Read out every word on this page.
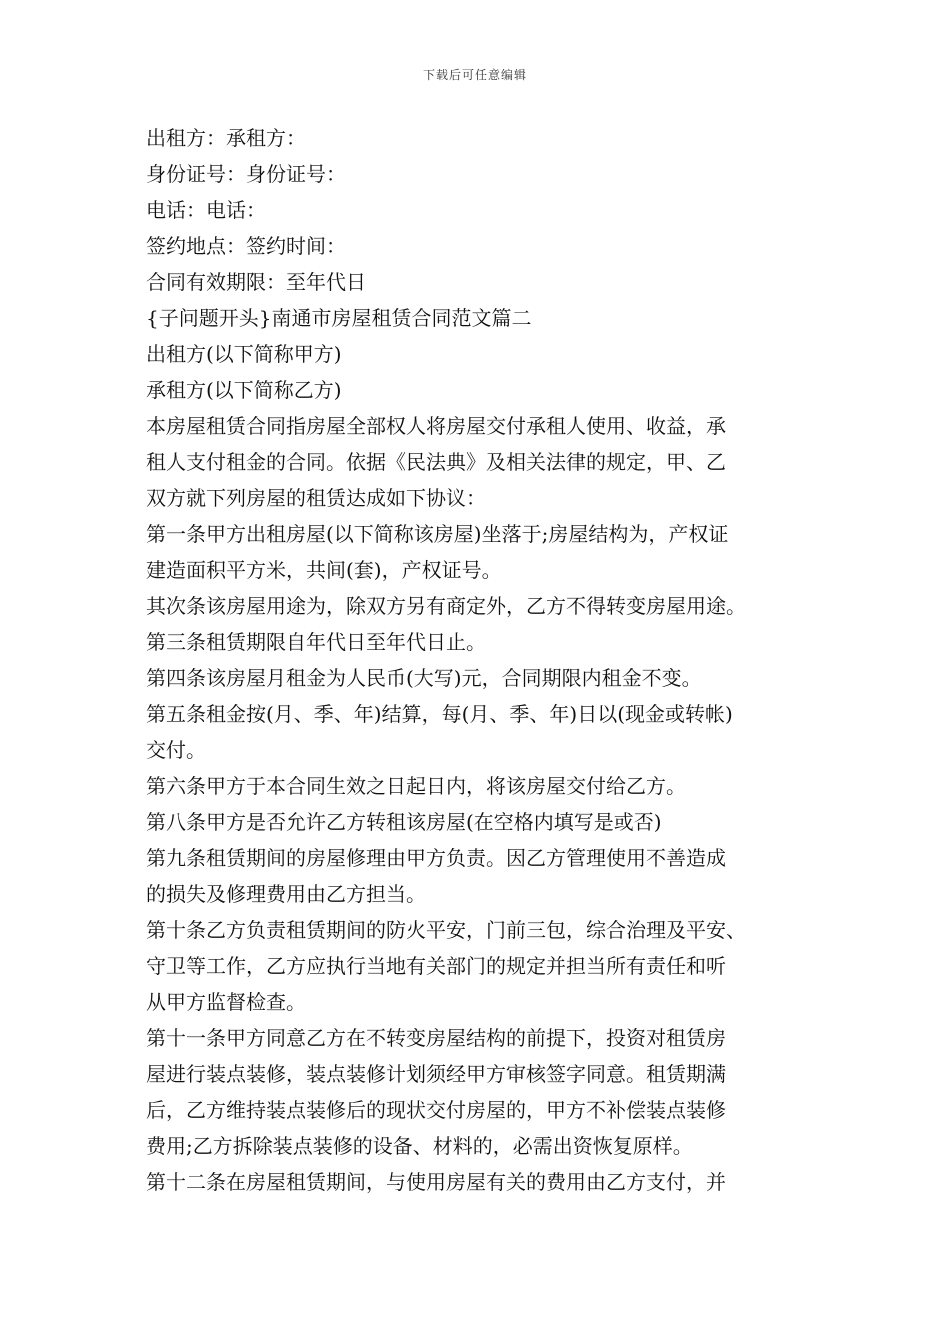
下载后可任意编辑

出租方：承租方：

身份证号：身份证号：

电话：电话：

签约地点：签约时间：

合同有效期限：至年代日

{子问题开头}南通市房屋租赁合同范文篇二

出租方(以下简称甲方)

承租方(以下简称乙方)

本房屋租赁合同指房屋全部权人将房屋交付承租人使用、收益，承
租人支付租金的合同。依据《民法典》及相关法律的规定，甲、乙
双方就下列房屋的租赁达成如下协议：

第一条甲方出租房屋(以下简称该房屋)坐落于;房屋结构为，产权证
建造面积平方米，共间(套)，产权证号。

其次条该房屋用途为，除双方另有商定外，乙方不得转变房屋用途。

第三条租赁期限自年代日至年代日止。

第四条该房屋月租金为人民币(大写)元，合同期限内租金不变。

第五条租金按(月、季、年)结算，每(月、季、年)日以(现金或转帐)
交付。

第六条甲方于本合同生效之日起日内，将该房屋交付给乙方。

第八条甲方是否允许乙方转租该房屋(在空格内填写是或否)

第九条租赁期间的房屋修理由甲方负责。因乙方管理使用不善造成
的损失及修理费用由乙方担当。

第十条乙方负责租赁期间的防火平安，门前三包，综合治理及平安、
守卫等工作，乙方应执行当地有关部门的规定并担当所有责任和听
从甲方监督检查。

第十一条甲方同意乙方在不转变房屋结构的前提下，投资对租赁房
屋进行装点装修，装点装修计划须经甲方审核签字同意。租赁期满
后，乙方维持装点装修后的现状交付房屋的，甲方不补偿装点装修
费用;乙方拆除装点装修的设备、材料的，必需出资恢复原样。

第十二条在房屋租赁期间，与使用房屋有关的费用由乙方支付，并
